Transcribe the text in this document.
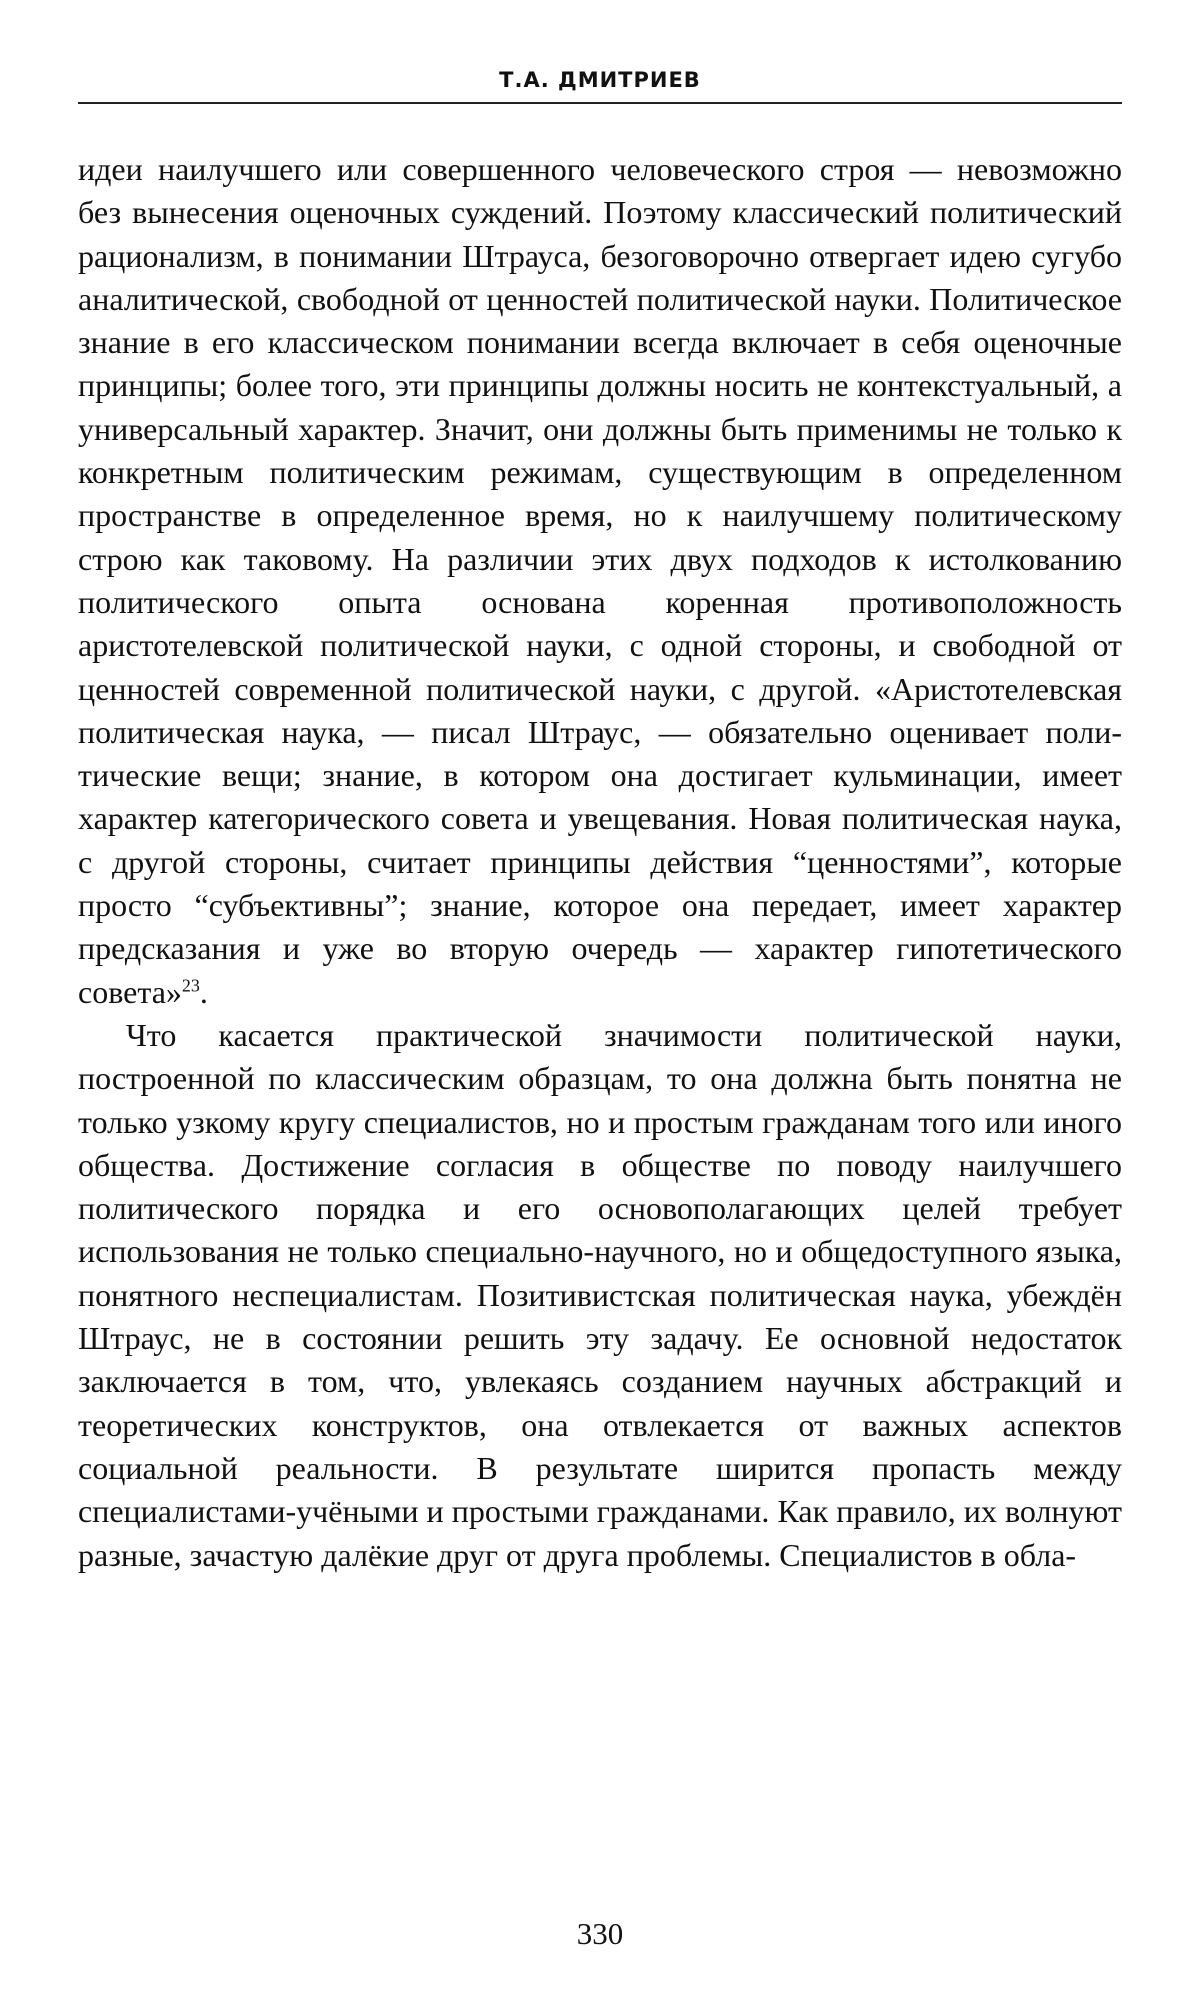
Т.А. ДМИТРИЕВ

идеи наилучшего или совершенного человеческого строя — невозможно без вынесения оценочных суждений. Поэтому классический политический рационализм, в понимании Штрауса, безоговорочно отвергает идею сугубо аналитической, свободной от ценностей политической науки. Политическое знание в его классическом понимании всегда включает в себя оценочные принципы; более того, эти принципы должны носить не контекстуальный, а универсальный характер. Значит, они должны быть применимы не только к конкретным политическим режимам, существующим в определенном пространстве в определенное время, но к наилучшему политическому строю как таковому. На различии этих двух подходов к истолкованию политического опыта основана коренная противоположность аристотелевской политической науки, с одной стороны, и свободной от ценностей современной политической науки, с другой. «Аристотелевская политическая наука, — писал Штраус, — обязательно оценивает политические вещи; знание, в котором она достигает кульминации, имеет характер категорического совета и увещевания. Новая политическая наука, с другой стороны, считает принципы действия “ценностями”, которые просто “субъективны”; знание, которое она передает, имеет характер предсказания и уже во вторую очередь — характер гипотетического совета»$^{23}$.

Что касается практической значимости политической науки, построенной по классическим образцам, то она должна быть понятна не только узкому кругу специалистов, но и простым гражданам того или иного общества. Достижение согласия в обществе по поводу наилучшего политического порядка и его основополагающих целей требует использования не только специально-научного, но и общедоступного языка, понятного неспециалистам. Позитивистская политическая наука, убеждён Штраус, не в состоянии решить эту задачу. Ее основной недостаток заключается в том, что, увлекаясь созданием научных абстракций и теоретических конструктов, она отвлекается от важных аспектов социальной реальности. В результате ширится пропасть между специалистами-учёными и простыми гражданами. Как правило, их волнуют разные, зачастую далёкие друг от друга проблемы. Специалистов в обла-

330
